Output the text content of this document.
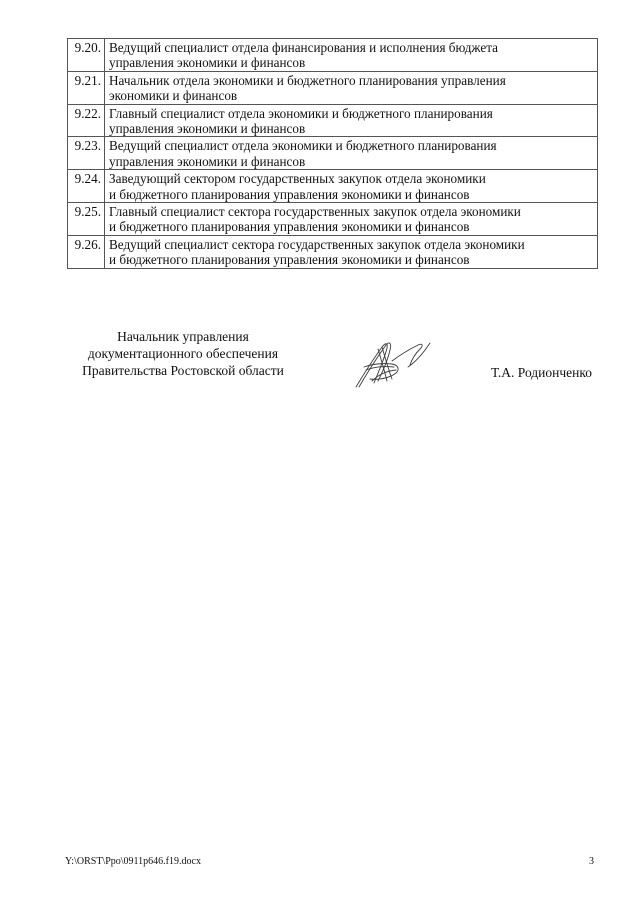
9.20.	Ведущий специалист отдела финансирования и исполнения бюджета
управления экономики и финансов

9.21.	Начальник отдела экономики и бюджетного планирования управления
экономики и финансов

9.22.	Главный специалист отдела экономики и бюджетного планирования
управления экономики и финансов

9.23.	Ведущий специалист отдела экономики и бюджетного планирования
управления экономики и финансов

9.24.	Заведующий сектором государственных закупок отдела экономики
и бюджетного планирования управления экономики и финансов

9.25.	Главный специалист сектора государственных закупок отдела экономики
и бюджетного планирования управления экономики и финансов

9.26.	Ведущий специалист сектора государственных закупок отдела экономики
и бюджетного планирования управления экономики и финансов
Начальник управления
документационного обеспечения
Правительства Ростовской области	Т.А. Родионченко
Y:\ORST\Ppo\0911p646.f19.docx	3
